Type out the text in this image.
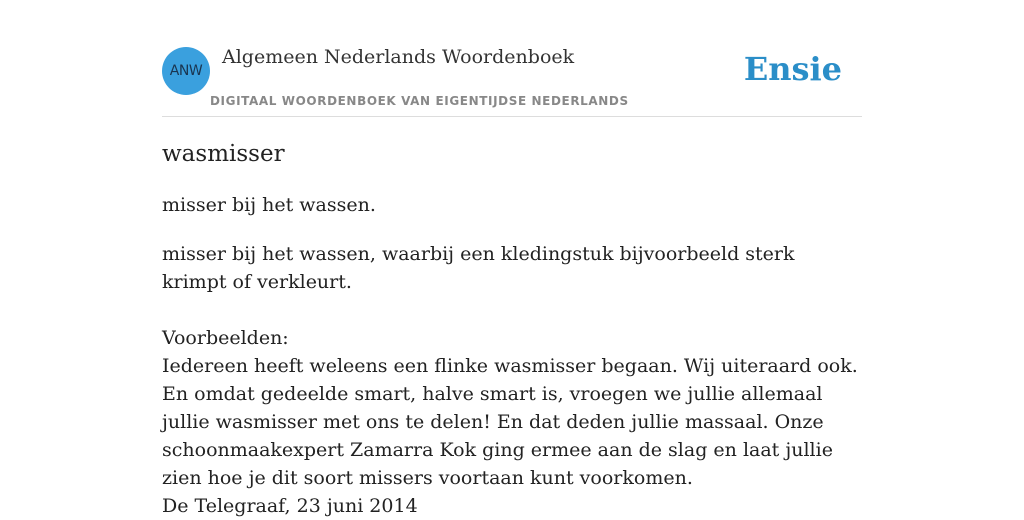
ANW
Algemeen Nederlands Woordenboek
DIGITAAL WOORDENBOEK VAN EIGENTIJDSE NEDERLANDS
Ensie
wasmisser
misser bij het wassen.

misser bij het wassen, waarbij een kledingstuk bijvoorbeeld sterk krimpt of verkleurt.

Voorbeelden:

Iedereen heeft weleens een flinke wasmisser begaan. Wij uiteraard ook. En omdat gedeelde smart, halve smart is, vroegen we jullie allemaal jullie wasmisser met ons te delen! En dat deden jullie massaal. Onze schoonmaakexpert Zamarra Kok ging ermee aan de slag en laat jullie zien hoe je dit soort missers voortaan kunt voorkomen.

De Telegraaf, 23 juni 2014
